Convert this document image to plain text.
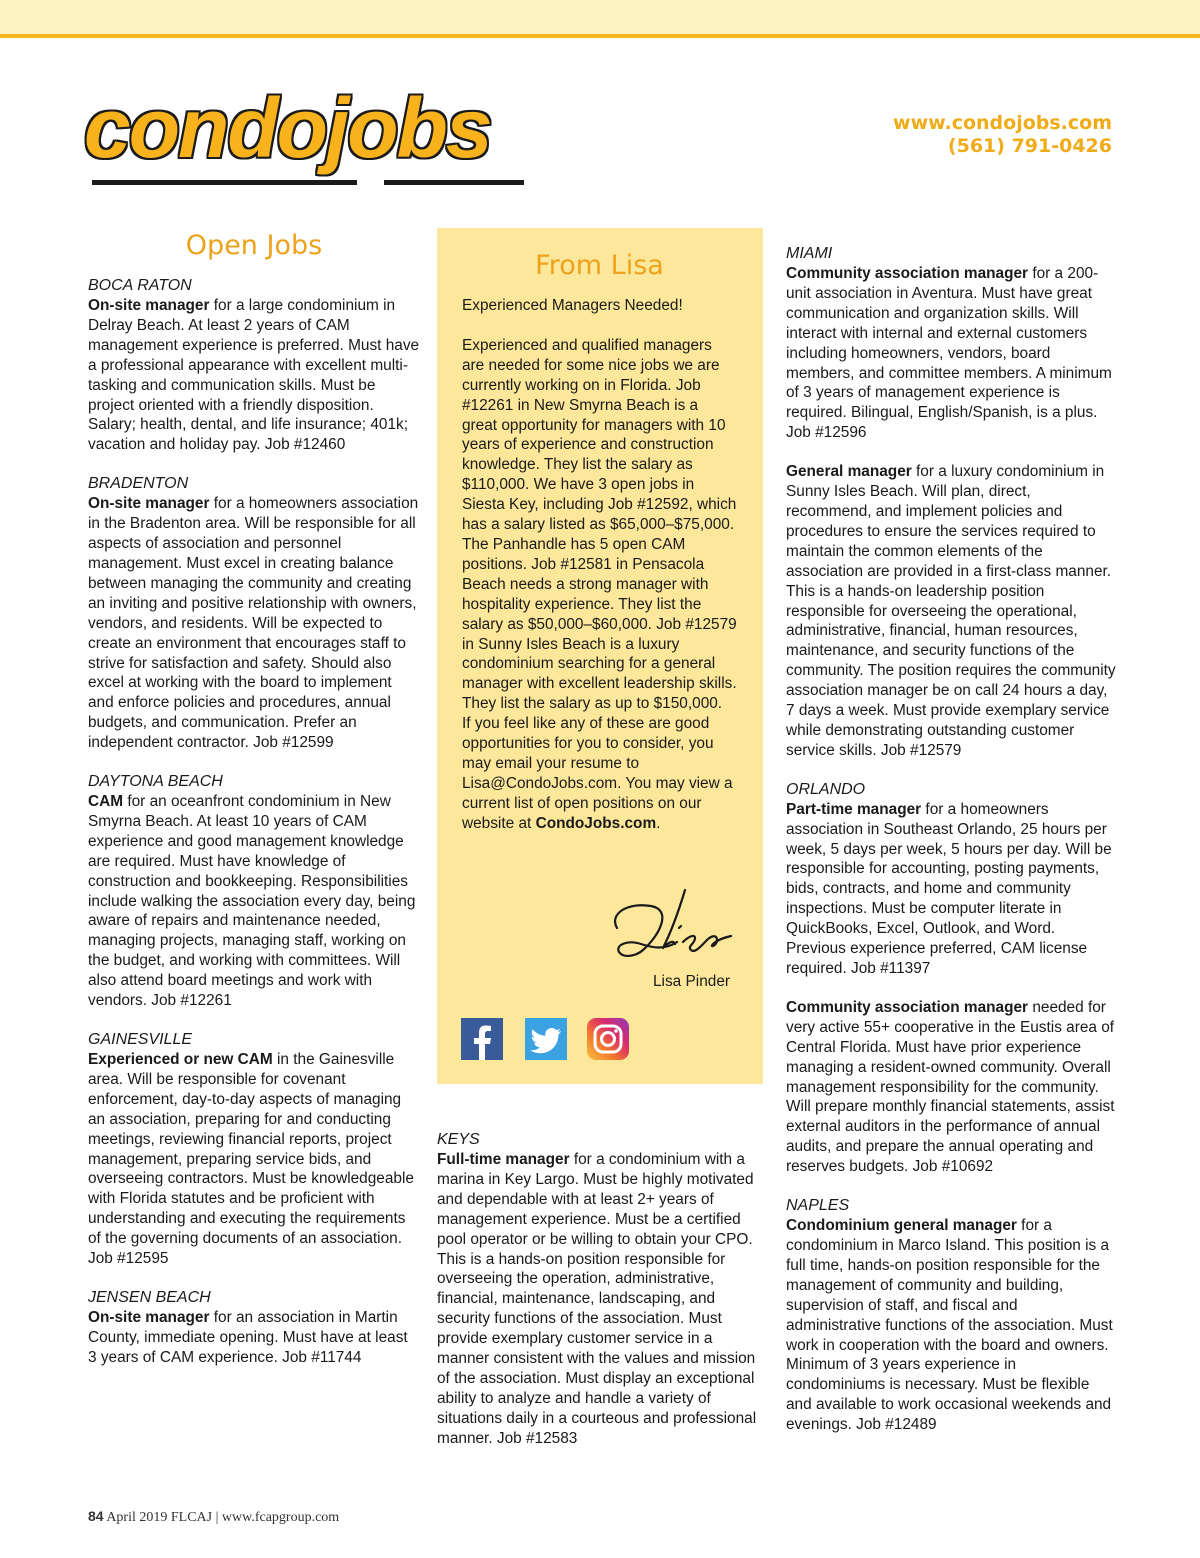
condojobs	www.condojobs.com
(561) 791-0426
Open Jobs

BOCA RATON

On-site manager for a large condominium in Delray Beach. At least 2 years of CAM management experience is preferred. Must have a professional appearance with excellent multi-tasking and communication skills. Must be project oriented with a friendly disposition. Salary; health, dental, and life insurance; 401k; vacation and holiday pay. Job #12460

BRADENTON

On-site manager for a homeowners association in the Bradenton area. Will be responsible for all aspects of association and personnel management. Must excel in creating balance between managing the community and creating an inviting and positive relationship with owners, vendors, and residents. Will be expected to create an environment that encourages staff to strive for satisfaction and safety. Should also excel at working with the board to implement and enforce policies and procedures, annual budgets, and communication. Prefer an independent contractor. Job #12599

DAYTONA BEACH

CAM for an oceanfront condominium in New Smyrna Beach. At least 10 years of CAM experience and good management knowledge are required. Must have knowledge of construction and bookkeeping. Responsibilities include walking the association every day, being aware of repairs and maintenance needed, managing projects, managing staff, working on the budget, and working with committees. Will also attend board meetings and work with vendors. Job #12261

GAINESVILLE

Experienced or new CAM in the Gainesville area. Will be responsible for covenant enforcement, day-to-day aspects of managing an association, preparing for and conducting meetings, reviewing financial reports, project management, preparing service bids, and overseeing contractors. Must be knowledgeable with Florida statutes and be proficient with understanding and executing the requirements of the governing documents of an association. Job #12595

JENSEN BEACH

On-site manager for an association in Martin County, immediate opening. Must have at least 3 years of CAM experience. Job #11744

From Lisa

Experienced Managers Needed!

Experienced and qualified managers are needed for some nice jobs we are currently working on in Florida. Job #12261 in New Smyrna Beach is a great opportunity for managers with 10 years of experience and construction knowledge. They list the salary as $110,000. We have 3 open jobs in Siesta Key, including Job #12592, which has a salary listed as $65,000–$75,000. The Panhandle has 5 open CAM positions. Job #12581 in Pensacola Beach needs a strong manager with hospitality experience. They list the salary as $50,000–$60,000. Job #12579 in Sunny Isles Beach is a luxury condominium searching for a general manager with excellent leadership skills. They list the salary as up to $150,000.

If you feel like any of these are good opportunities for you to consider, you may email your resume to Lisa@CondoJobs.com. You may view a current list of open positions on our website at CondoJobs.com.

Lisa Pinder

KEYS

Full-time manager for a condominium with a marina in Key Largo. Must be highly motivated and dependable with at least 2+ years of management experience. Must be a certified pool operator or be willing to obtain your CPO. This is a hands-on position responsible for overseeing the operation, administrative, financial, maintenance, landscaping, and security functions of the association. Must provide exemplary customer service in a manner consistent with the values and mission of the association. Must display an exceptional ability to analyze and handle a variety of situations daily in a courteous and professional manner. Job #12583

MIAMI

Community association manager for a 200-unit association in Aventura. Must have great communication and organization skills. Will interact with internal and external customers including homeowners, vendors, board members, and committee members. A minimum of 3 years of management experience is required. Bilingual, English/Spanish, is a plus. Job #12596

General manager for a luxury condominium in Sunny Isles Beach. Will plan, direct, recommend, and implement policies and procedures to ensure the services required to maintain the common elements of the association are provided in a first-class manner. This is a hands-on leadership position responsible for overseeing the operational, administrative, financial, human resources, maintenance, and security functions of the community. The position requires the community association manager be on call 24 hours a day, 7 days a week. Must provide exemplary service while demonstrating outstanding customer service skills. Job #12579

ORLANDO

Part-time manager for a homeowners association in Southeast Orlando, 25 hours per week, 5 days per week, 5 hours per day. Will be responsible for accounting, posting payments, bids, contracts, and home and community inspections. Must be computer literate in QuickBooks, Excel, Outlook, and Word. Previous experience preferred, CAM license required. Job #11397

Community association manager needed for very active 55+ cooperative in the Eustis area of Central Florida. Must have prior experience managing a resident-owned community. Overall management responsibility for the community. Will prepare monthly financial statements, assist external auditors in the performance of annual audits, and prepare the annual operating and reserves budgets. Job #10692

NAPLES

Condominium general manager for a condominium in Marco Island. This position is a full time, hands-on position responsible for the management of community and building, supervision of staff, and fiscal and administrative functions of the association. Must work in cooperation with the board and owners. Minimum of 3 years experience in condominiums is necessary. Must be flexible and available to work occasional weekends and evenings. Job #12489

84 April 2019 FLCAJ | www.fcapgroup.com
